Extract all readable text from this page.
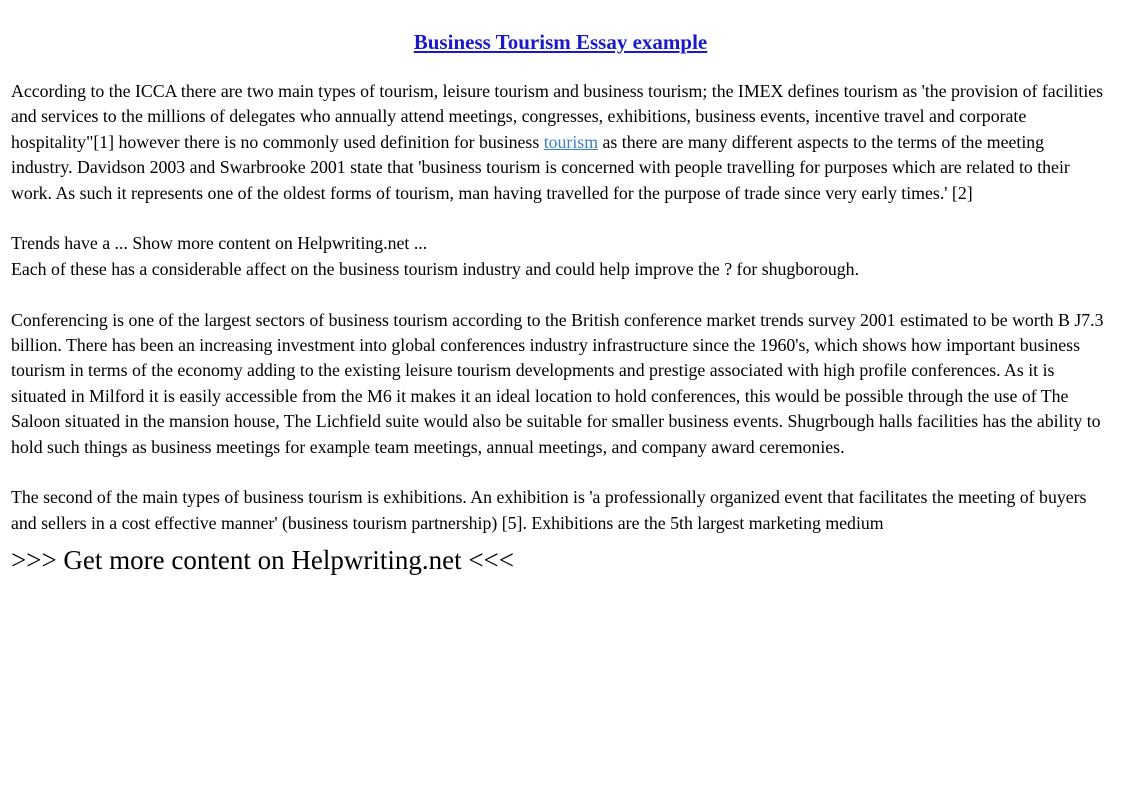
Business Tourism Essay example

According to the ICCA there are two main types of tourism, leisure tourism and business tourism; the IMEX defines tourism as 'the provision of facilities and services to the millions of delegates who annually attend meetings, congresses, exhibitions, business events, incentive travel and corporate hospitality"[1] however there is no commonly used definition for business tourism as there are many different aspects to the terms of the meeting industry. Davidson 2003 and Swarbrooke 2001 state that 'business tourism is concerned with people travelling for purposes which are related to their work. As such it represents one of the oldest forms of tourism, man having travelled for the purpose of trade since very early times.' [2]

Trends have a ... Show more content on Helpwriting.net ...
Each of these has a considerable affect on the business tourism industry and could help improve the ? for shugborough.

Conferencing is one of the largest sectors of business tourism according to the British conference market trends survey 2001 estimated to be worth B J7.3 billion. There has been an increasing investment into global conferences industry infrastructure since the 1960's, which shows how important business tourism in terms of the economy adding to the existing leisure tourism developments and prestige associated with high profile conferences. As it is situated in Milford it is easily accessible from the M6 it makes it an ideal location to hold conferences, this would be possible through the use of The Saloon situated in the mansion house, The Lichfield suite would also be suitable for smaller business events. Shugrbough halls facilities has the ability to hold such things as business meetings for example team meetings, annual meetings, and company award ceremonies.

The second of the main types of business tourism is exhibitions. An exhibition is 'a professionally organized event that facilitates the meeting of buyers and sellers in a cost effective manner' (business tourism partnership) [5]. Exhibitions are the 5th largest marketing medium

>>> Get more content on Helpwriting.net <<<
